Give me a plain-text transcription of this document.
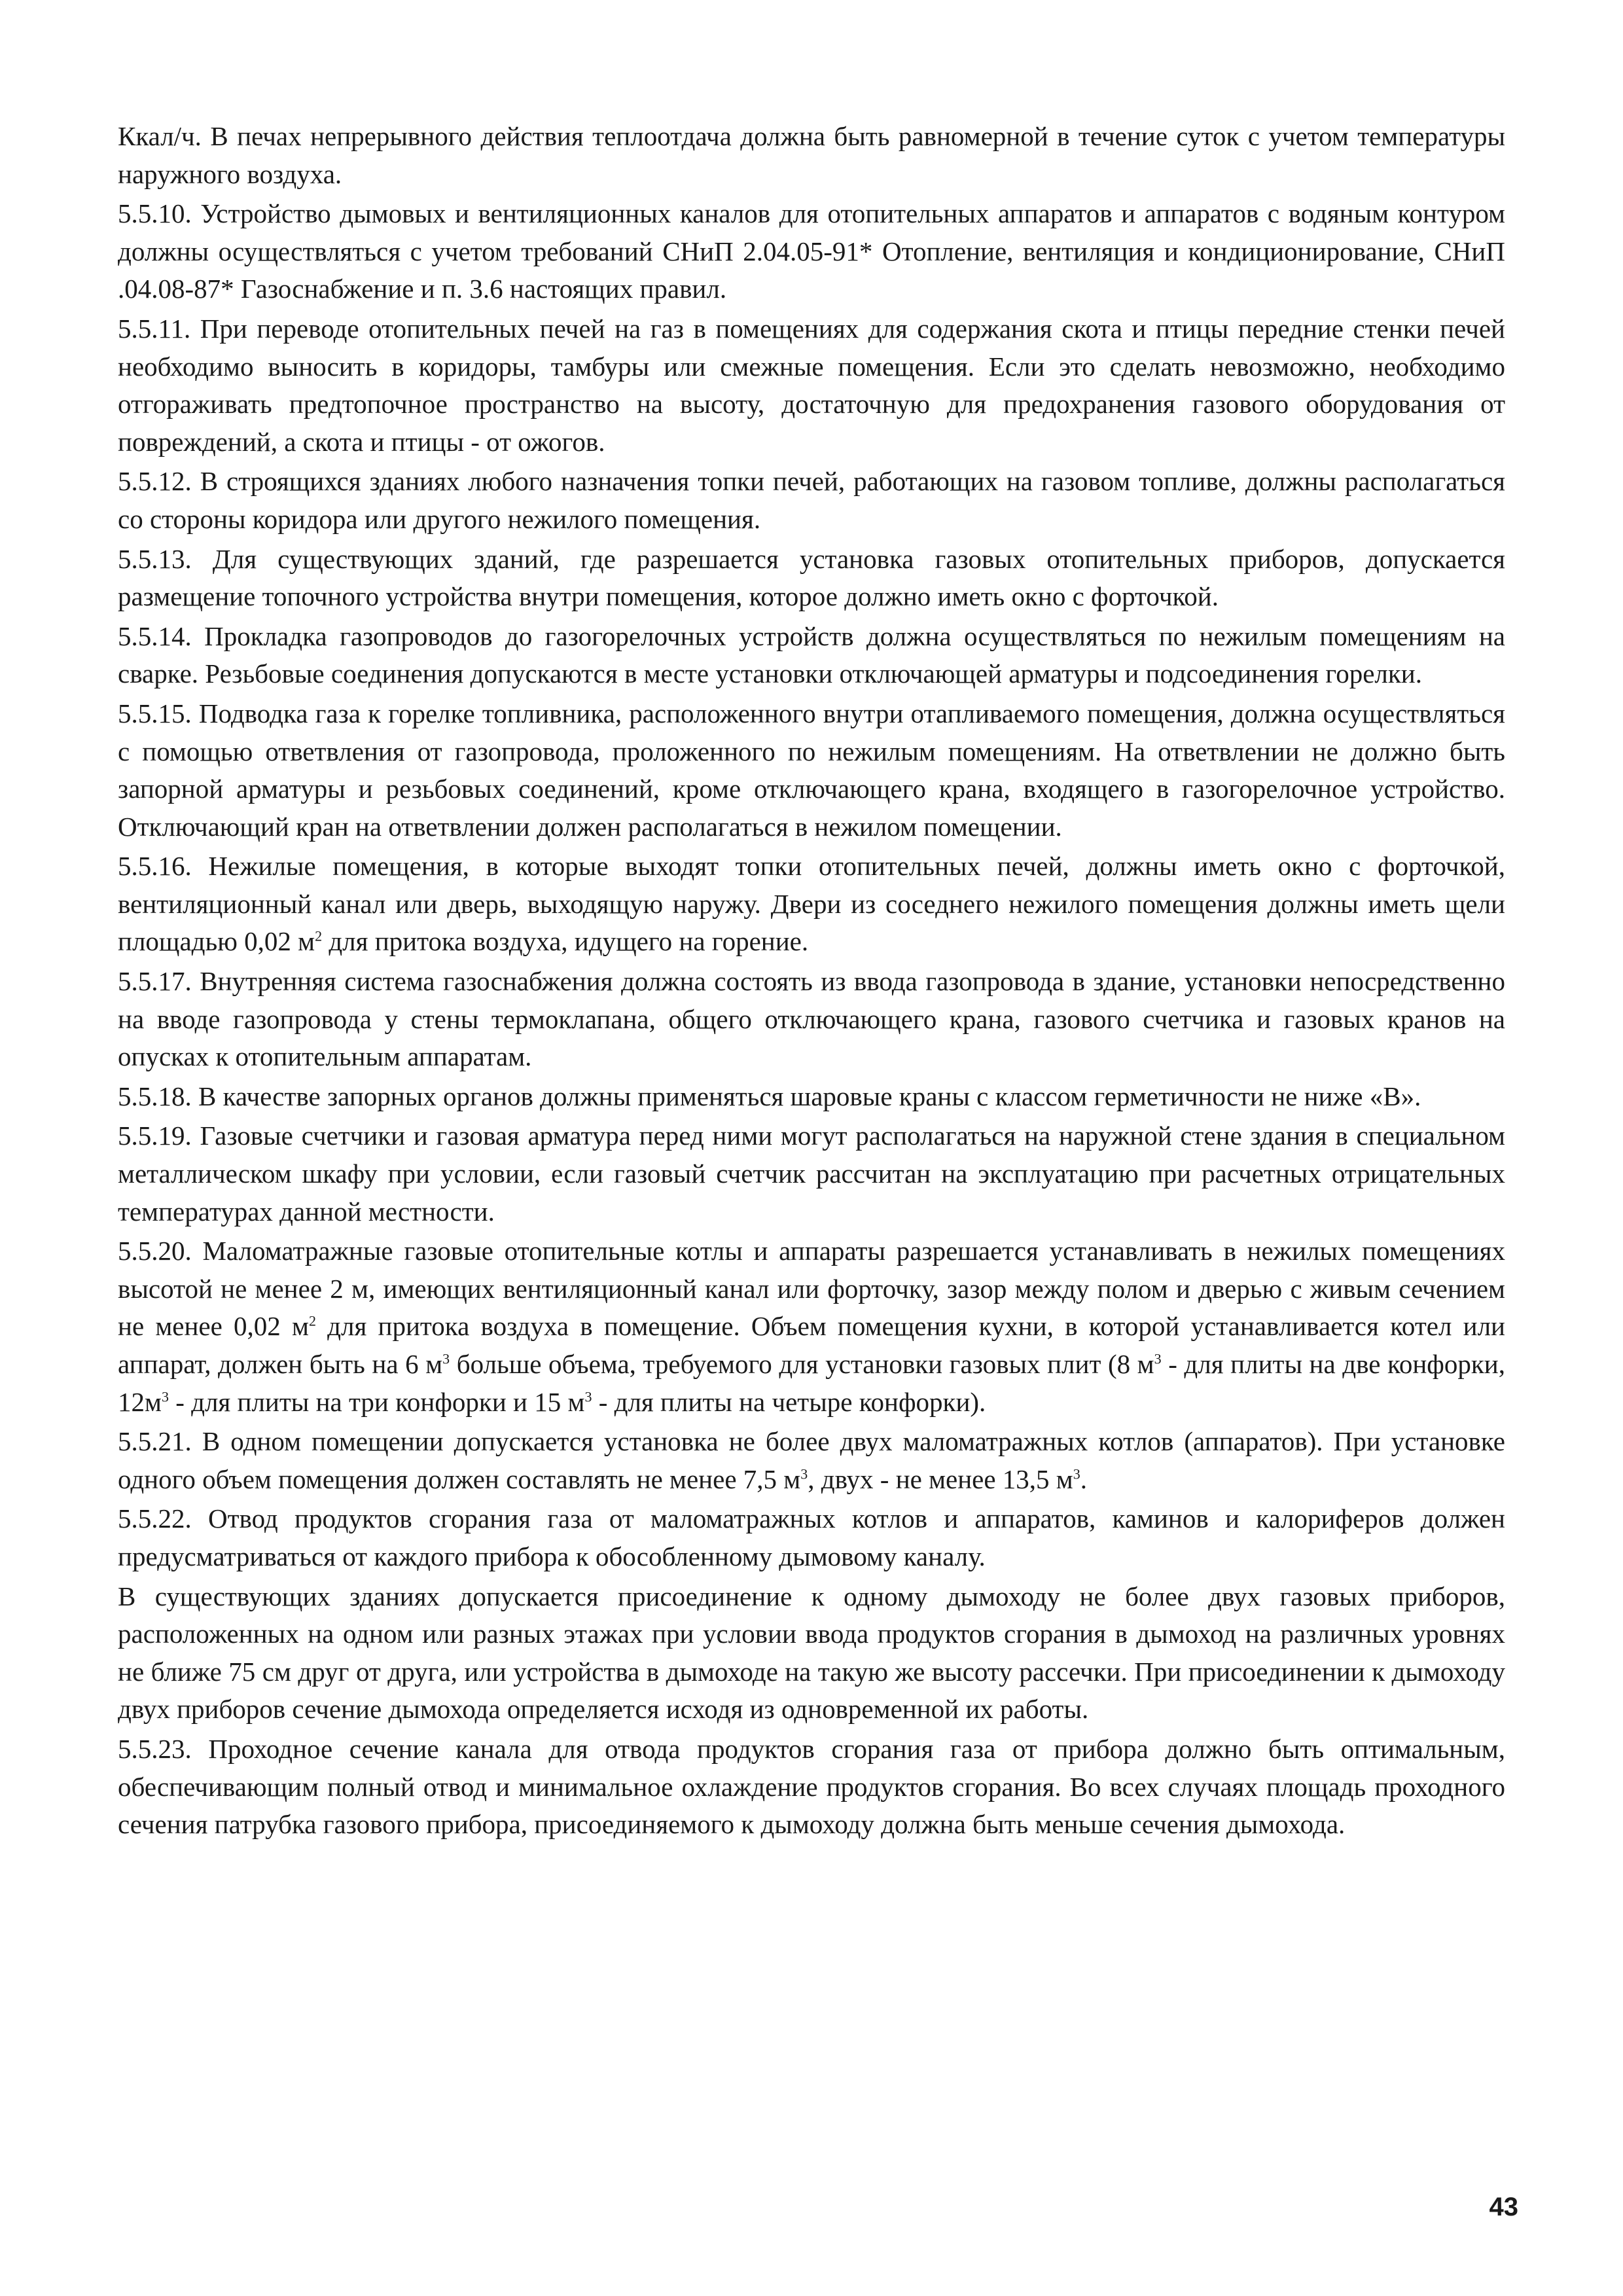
Ккал/ч. В печах непрерывного действия теплоотдача должна быть равномерной в течение суток с учетом температуры наружного воздуха.

5.5.10. Устройство дымовых и вентиляционных каналов для отопительных аппаратов и аппаратов с водяным контуром должны осуществляться с учетом требований СНиП 2.04.05-91* Отопление, вентиляция и кондиционирование, СНиП .04.08-87* Газоснабжение и п. 3.6 настоящих правил.

5.5.11. При переводе отопительных печей на газ в помещениях для содержания скота и птицы передние стенки печей необходимо выносить в коридоры, тамбуры или смежные помещения. Если это сделать невозможно, необходимо отгораживать предтопочное пространство на высоту, достаточную для предохранения газового оборудования от повреждений, а скота и птицы - от ожогов.

5.5.12. В строящихся зданиях любого назначения топки печей, работающих на газовом топливе, должны располагаться со стороны коридора или другого нежилого помещения.

5.5.13. Для существующих зданий, где разрешается установка газовых отопительных приборов, допускается размещение топочного устройства внутри помещения, которое должно иметь окно с форточкой.

5.5.14. Прокладка газопроводов до газогорелочных устройств должна осуществляться по нежилым помещениям на сварке. Резьбовые соединения допускаются в месте установки отключающей арматуры и подсоединения горелки.

5.5.15. Подводка газа к горелке топливника, расположенного внутри отапливаемого помещения, должна осуществляться с помощью ответвления от газопровода, проложенного по нежилым помещениям. На ответвлении не должно быть запорной арматуры и резьбовых соединений, кроме отключающего крана, входящего в газогорелочное устройство. Отключающий кран на ответвлении должен располагаться в нежилом помещении.

5.5.16. Нежилые помещения, в которые выходят топки отопительных печей, должны иметь окно с форточкой, вентиляционный канал или дверь, выходящую наружу. Двери из соседнего нежилого помещения должны иметь щели площадью 0,02 $м^2$ для притока воздуха, идущего на горение.

5.5.17. Внутренняя система газоснабжения должна состоять из ввода газопровода в здание, установки непосредственно на вводе газопровода у стены термоклапана, общего отключающего крана, газового счетчика и газовых кранов на опусках к отопительным аппаратам.

5.5.18. В качестве запорных органов должны применяться шаровые краны с классом герметичности не ниже «В».

5.5.19. Газовые счетчики и газовая арматура перед ними могут располагаться на наружной стене здания в специальном металлическом шкафу при условии, если газовый счетчик рассчитан на эксплуатацию при расчетных отрицательных температурах данной местности.

5.5.20. Маломатражные газовые отопительные котлы и аппараты разрешается устанавливать в нежилых помещениях высотой не менее 2 м, имеющих вентиляционный канал или форточку, зазор между полом и дверью с живым сечением не менее 0,02 $м^2$ для притока воздуха в помещение. Объем помещения кухни, в которой устанавливается котел или аппарат, должен быть на 6 $м^3$ больше объема, требуемого для установки газовых плит (8 $м^3$ - для плиты на две конфорки, $12м^3$ - для плиты на три конфорки и 15 $м^3$ - для плиты на четыре конфорки).

5.5.21. В одном помещении допускается установка не более двух маломатражных котлов (аппаратов). При установке одного объем помещения должен составлять не менее 7,5 $м^3$, двух - не менее 13,5 $м^3$.

5.5.22. Отвод продуктов сгорания газа от маломатражных котлов и аппаратов, каминов и калориферов должен предусматриваться от каждого прибора к обособленному дымовому каналу.

В существующих зданиях допускается присоединение к одному дымоходу не более двух газовых приборов, расположенных на одном или разных этажах при условии ввода продуктов сгорания в дымоход на различных уровнях не ближе 75 см друг от друга, или устройства в дымоходе на такую же высоту рассечки. При присоединении к дымоходу двух приборов сечение дымохода определяется исходя из одновременной их работы.

5.5.23. Проходное сечение канала для отвода продуктов сгорания газа от прибора должно быть оптимальным, обеспечивающим полный отвод и минимальное охлаждение продуктов сгорания. Во всех случаях площадь проходного сечения патрубка газового прибора, присоединяемого к дымоходу должна быть меньше сечения дымохода.

43
